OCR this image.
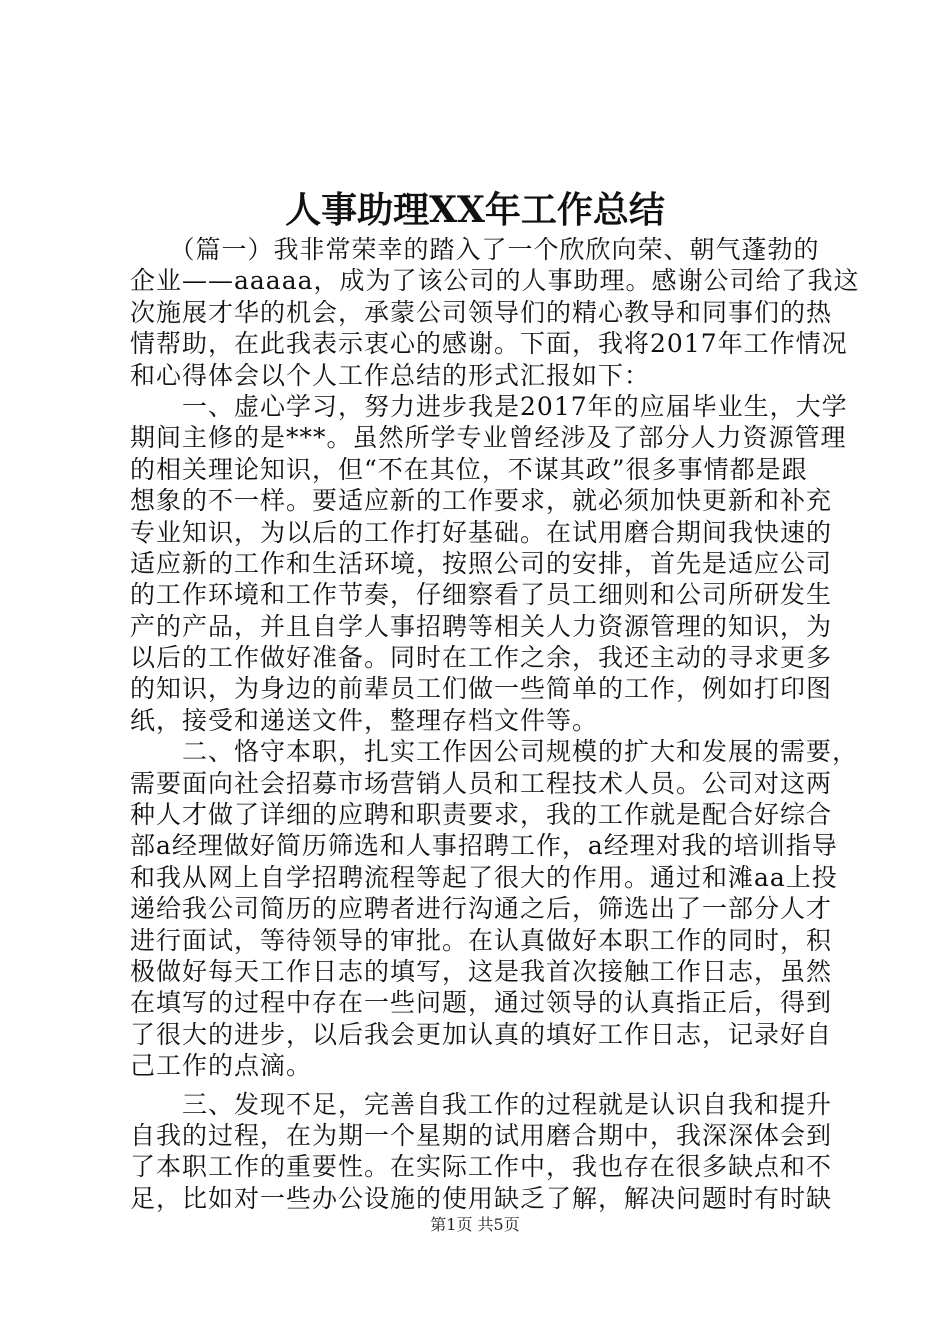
人事助理XX年工作总结
　　（篇一）我非常荣幸的踏入了一个欣欣向荣、朝气蓬勃的
企业——aaaaa，成为了该公司的人事助理。感谢公司给了我这
次施展才华的机会，承蒙公司领导们的精心教导和同事们的热
情帮助，在此我表示衷心的感谢。下面，我将2017年工作情况
和心得体会以个人工作总结的形式汇报如下：
　　一、虚心学习，努力进步我是2017年的应届毕业生，大学
期间主修的是***。虽然所学专业曾经涉及了部分人力资源管理
的相关理论知识，但“不在其位，不谋其政”很多事情都是跟
想象的不一样。要适应新的工作要求，就必须加快更新和补充
专业知识，为以后的工作打好基础。在试用磨合期间我快速的
适应新的工作和生活环境，按照公司的安排，首先是适应公司
的工作环境和工作节奏，仔细察看了员工细则和公司所研发生
产的产品，并且自学人事招聘等相关人力资源管理的知识，为
以后的工作做好准备。同时在工作之余，我还主动的寻求更多
的知识，为身边的前辈员工们做一些简单的工作，例如打印图
纸，接受和递送文件，整理存档文件等。
　　二、恪守本职，扎实工作因公司规模的扩大和发展的需要，
需要面向社会招募市场营销人员和工程技术人员。公司对这两
种人才做了详细的应聘和职责要求，我的工作就是配合好综合
部a经理做好简历筛选和人事招聘工作，a经理对我的培训指导
和我从网上自学招聘流程等起了很大的作用。通过和滩aa上投
递给我公司简历的应聘者进行沟通之后，筛选出了一部分人才
进行面试，等待领导的审批。在认真做好本职工作的同时，积
极做好每天工作日志的填写，这是我首次接触工作日志，虽然
在填写的过程中存在一些问题，通过领导的认真指正后，得到
了很大的进步，以后我会更加认真的填好工作日志，记录好自
己工作的点滴。
　　三、发现不足，完善自我工作的过程就是认识自我和提升
自我的过程，在为期一个星期的试用磨合期中，我深深体会到
了本职工作的重要性。在实际工作中，我也存在很多缺点和不
足，比如对一些办公设施的使用缺乏了解，解决问题时有时缺
第1页 共5页
